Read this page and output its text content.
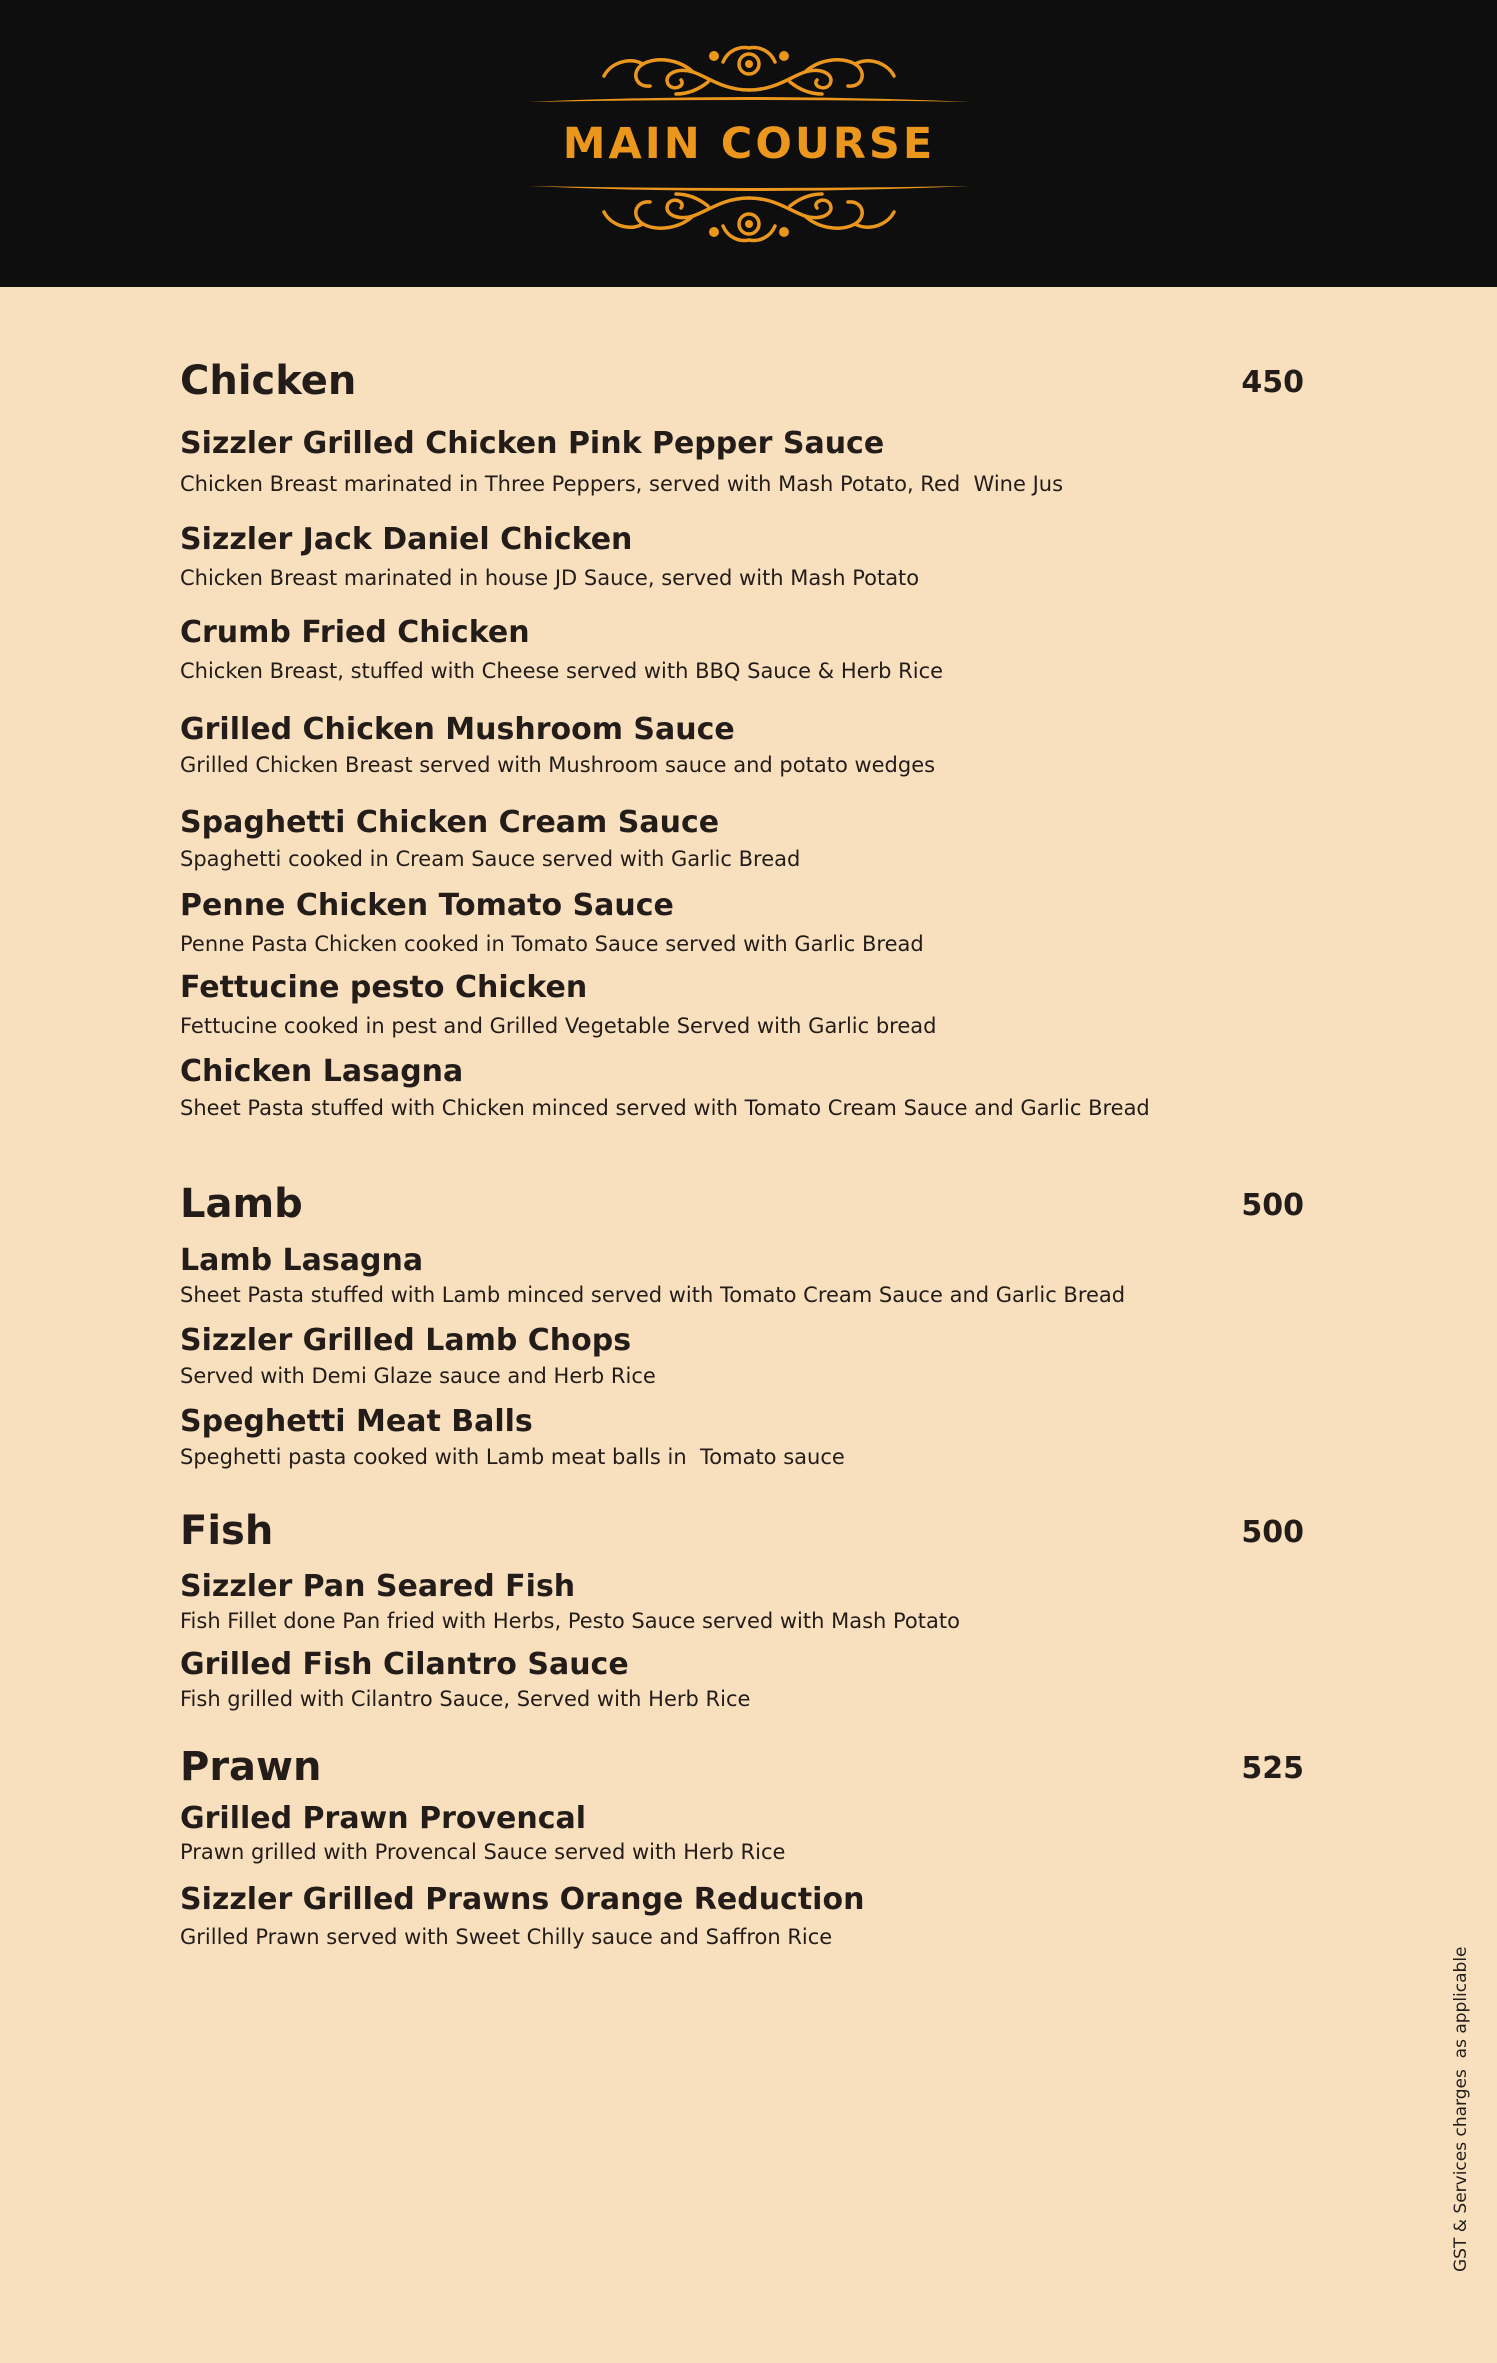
MAIN COURSE
Chicken	450
Sizzler Grilled Chicken Pink Pepper Sauce
Chicken Breast marinated in Three Peppers, served with Mash Potato, Red  Wine Jus
Sizzler Jack Daniel Chicken
Chicken Breast marinated in house JD Sauce, served with Mash Potato
Crumb Fried Chicken
Chicken Breast, stuffed with Cheese served with BBQ Sauce & Herb Rice
Grilled Chicken Mushroom Sauce
Grilled Chicken Breast served with Mushroom sauce and potato wedges
Spaghetti Chicken Cream Sauce
Spaghetti cooked in Cream Sauce served with Garlic Bread
Penne Chicken Tomato Sauce
Penne Pasta Chicken cooked in Tomato Sauce served with Garlic Bread
Fettucine pesto Chicken
Fettucine cooked in pest and Grilled Vegetable Served with Garlic bread
Chicken Lasagna
Sheet Pasta stuffed with Chicken minced served with Tomato Cream Sauce and Garlic Bread
Lamb	500
Lamb Lasagna
Sheet Pasta stuffed with Lamb minced served with Tomato Cream Sauce and Garlic Bread
Sizzler Grilled Lamb Chops
Served with Demi Glaze sauce and Herb Rice
Speghetti Meat Balls
Speghetti pasta cooked with Lamb meat balls in  Tomato sauce
Fish	500
Sizzler Pan Seared Fish
Fish Fillet done Pan fried with Herbs, Pesto Sauce served with Mash Potato
Grilled Fish Cilantro Sauce
Fish grilled with Cilantro Sauce, Served with Herb Rice
Prawn	525
Grilled Prawn Provencal
Prawn grilled with Provencal Sauce served with Herb Rice
Sizzler Grilled Prawns Orange Reduction
Grilled Prawn served with Sweet Chilly sauce and Saffron Rice
GST & Services charges  as applicable
